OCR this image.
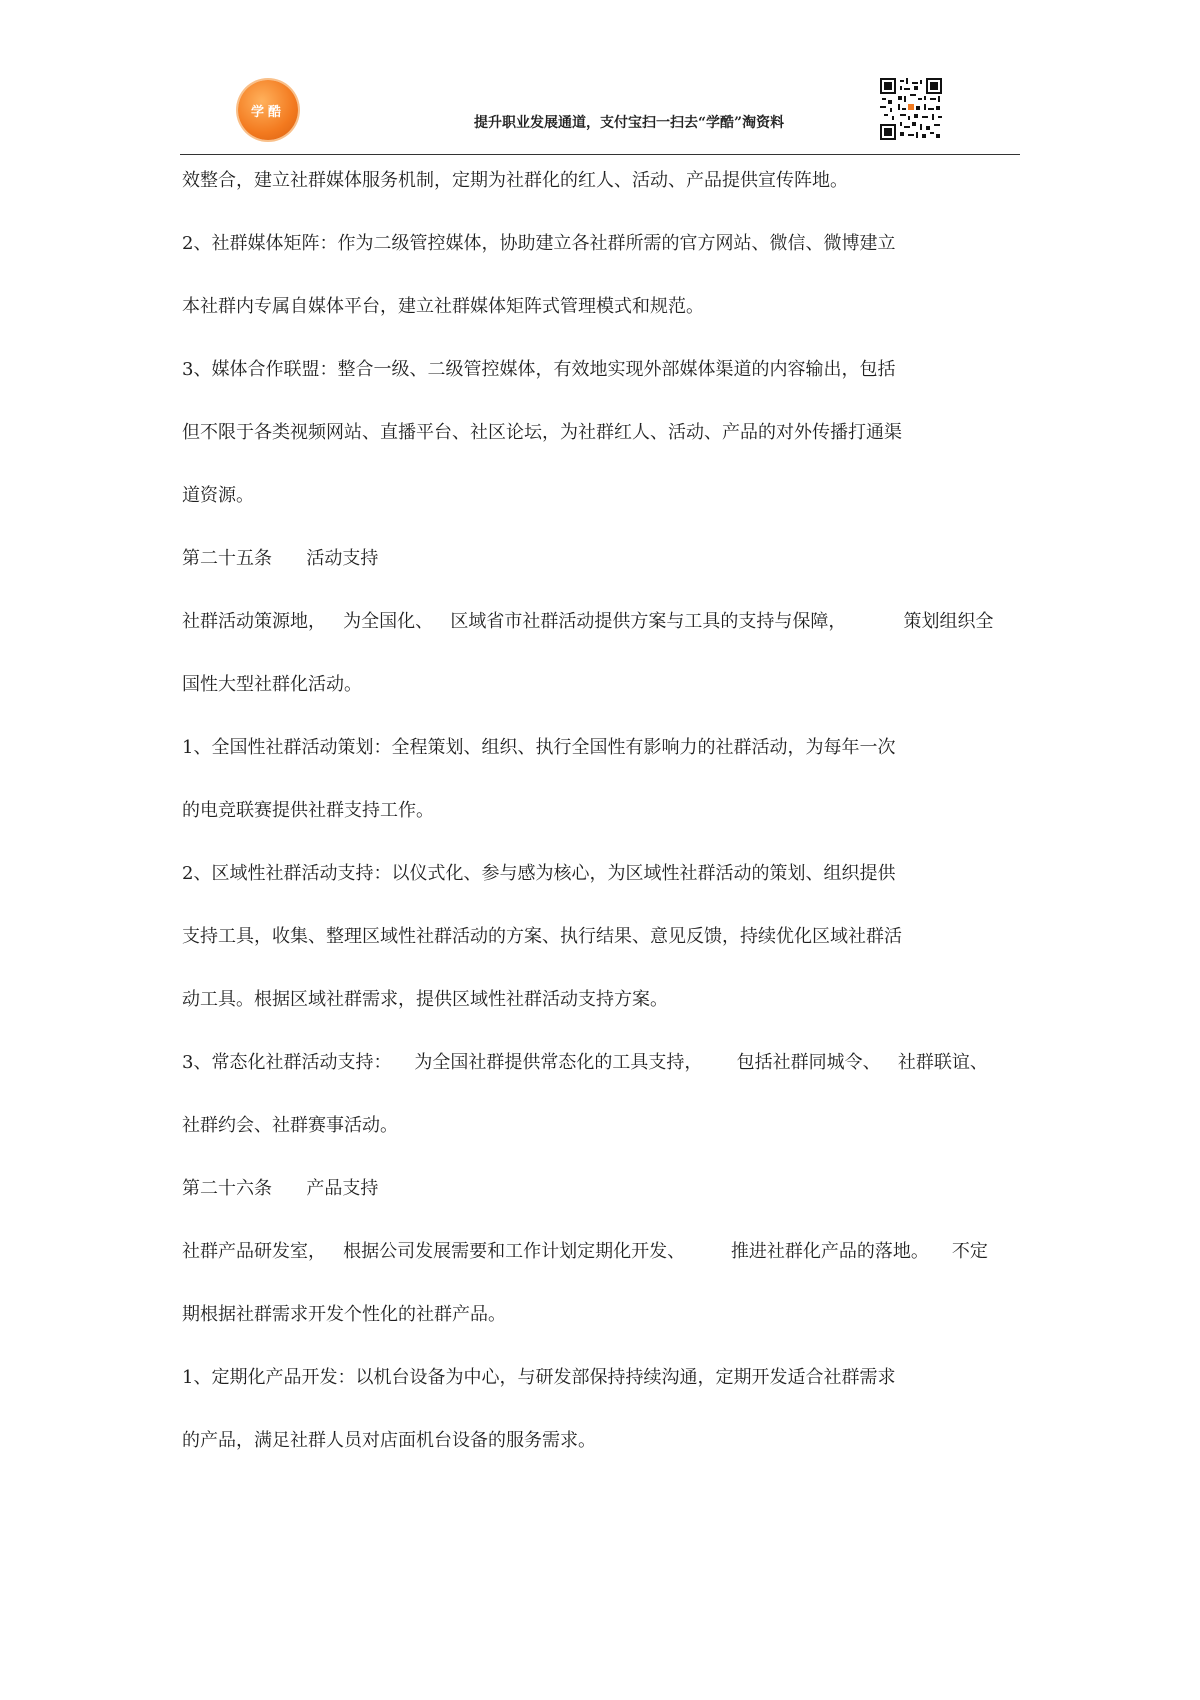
学酷
提升职业发展通道，支付宝扫一扫去“学酷”淘资料
效整合，建立社群媒体服务机制，定期为社群化的红人、活动、产品提供宣传阵地。
2、社群媒体矩阵：作为二级管控媒体，协助建立各社群所需的官方网站、微信、微博建立
本社群内专属自媒体平台，建立社群媒体矩阵式管理模式和规范。
3、媒体合作联盟：整合一级、二级管控媒体，有效地实现外部媒体渠道的内容输出，包括
但不限于各类视频网站、直播平台、社区论坛，为社群红人、活动、产品的对外传播打通渠
道资源。
第二十五条      活动支持
社群活动策源地，   为全国化、   区域省市社群活动提供方案与工具的支持与保障，          策划组织全
国性大型社群化活动。
1、全国性社群活动策划：全程策划、组织、执行全国性有影响力的社群活动，为每年一次
的电竞联赛提供社群支持工作。
2、区域性社群活动支持：以仪式化、参与感为核心，为区域性社群活动的策划、组织提供
支持工具，收集、整理区域性社群活动的方案、执行结果、意见反馈，持续优化区域社群活
动工具。根据区域社群需求，提供区域性社群活动支持方案。
3、常态化社群活动支持：    为全国社群提供常态化的工具支持，      包括社群同城令、   社群联谊、
社群约会、社群赛事活动。
第二十六条      产品支持
社群产品研发室，   根据公司发展需要和工作计划定期化开发、        推进社群化产品的落地。    不定
期根据社群需求开发个性化的社群产品。
1、定期化产品开发：以机台设备为中心，与研发部保持持续沟通，定期开发适合社群需求
的产品，满足社群人员对店面机台设备的服务需求。
